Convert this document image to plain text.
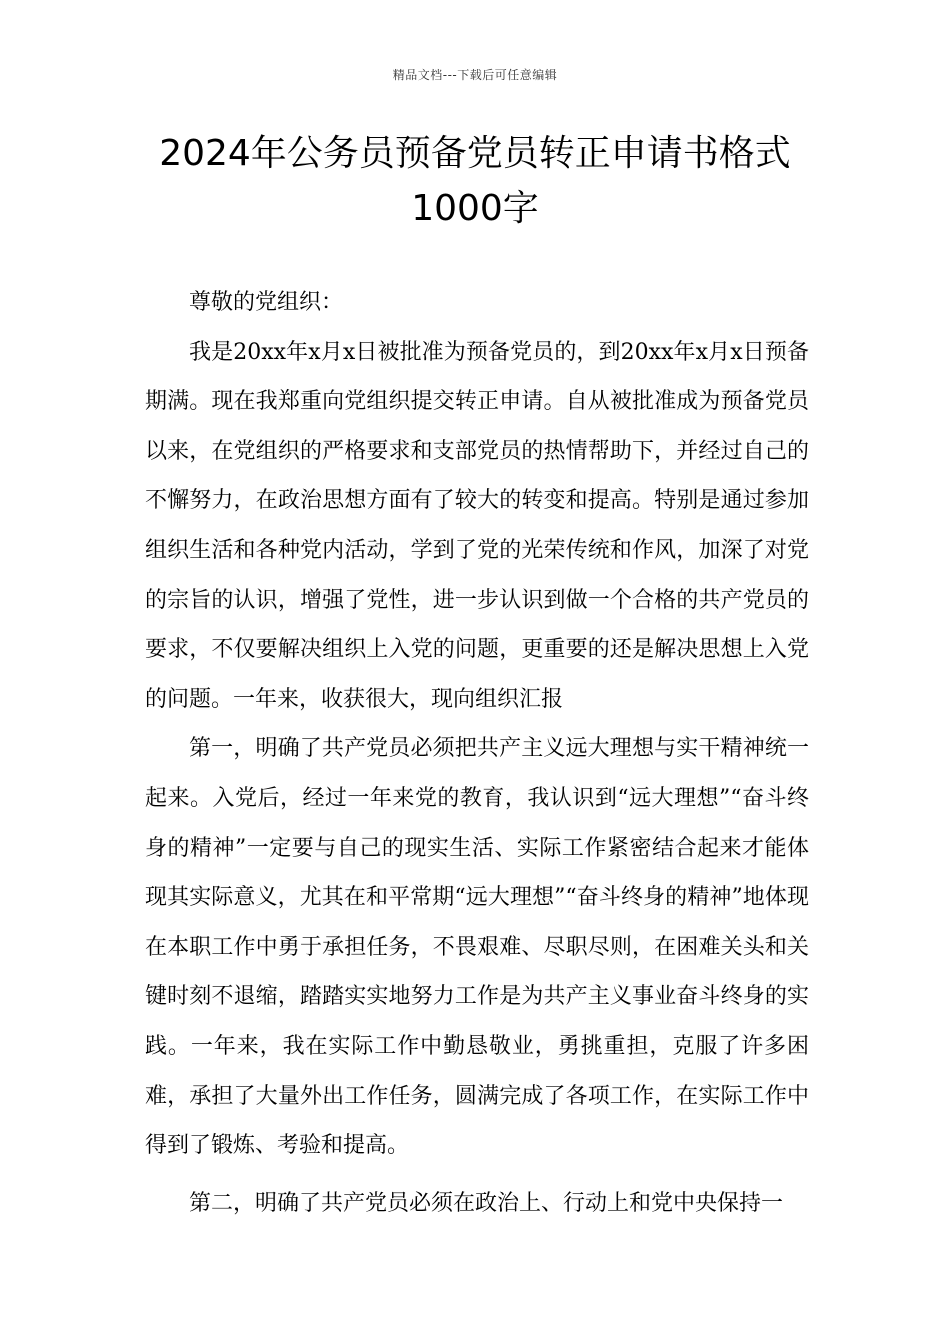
精品文档---下载后可任意编辑
2024年公务员预备党员转正申请书格式1000字

尊敬的党组织：

我是20xx年x月x日被批准为预备党员的，到20xx年x月x日预备期满。现在我郑重向党组织提交转正申请。自从被批准成为预备党员以来，在党组织的严格要求和支部党员的热情帮助下，并经过自己的不懈努力，在政治思想方面有了较大的转变和提高。特别是通过参加组织生活和各种党内活动，学到了党的光荣传统和作风，加深了对党的宗旨的认识，增强了党性，进一步认识到做一个合格的共产党员的要求，不仅要解决组织上入党的问题，更重要的还是解决思想上入党的问题。一年来，收获很大，现向组织汇报

第一，明确了共产党员必须把共产主义远大理想与实干精神统一起来。入党后，经过一年来党的教育，我认识到“远大理想”“奋斗终身的精神”一定要与自己的现实生活、实际工作紧密结合起来才能体现其实际意义，尤其在和平常期“远大理想”“奋斗终身的精神”地体现在本职工作中勇于承担任务，不畏艰难、尽职尽则，在困难关头和关键时刻不退缩，踏踏实实地努力工作是为共产主义事业奋斗终身的实践。一年来，我在实际工作中勤恳敬业，勇挑重担，克服了许多困难，承担了大量外出工作任务，圆满完成了各项工作，在实际工作中得到了锻炼、考验和提高。

第二，明确了共产党员必须在政治上、行动上和党中央保持一
